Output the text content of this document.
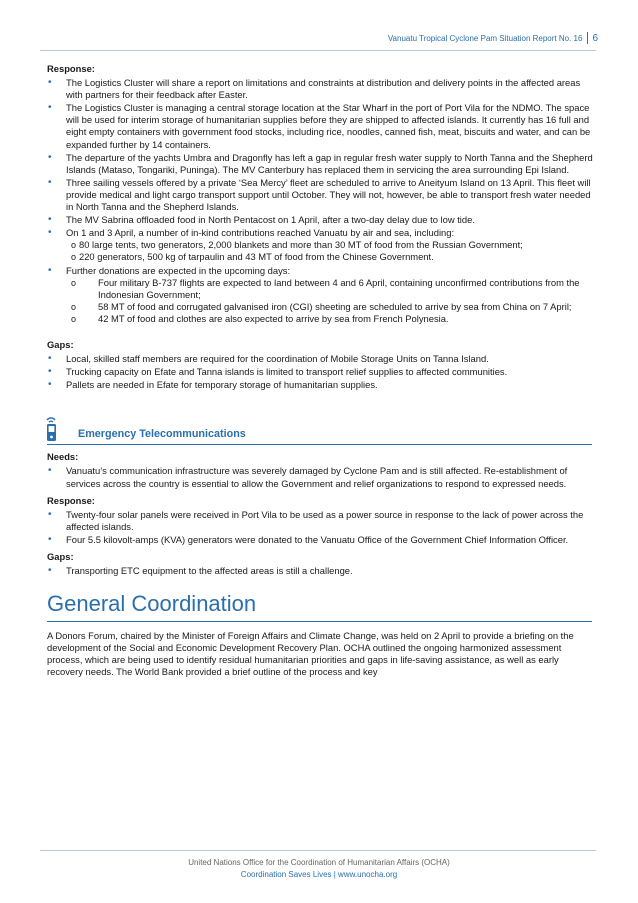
Vanuatu Tropical Cyclone Pam Situation Report No. 16 6

Response:

• The Logistics Cluster will share a report on limitations and constraints at distribution and delivery points in the affected areas with partners for their feedback after Easter.
• The Logistics Cluster is managing a central storage location at the Star Wharf in the port of Port Vila for the NDMO. The space will be used for interim storage of humanitarian supplies before they are shipped to affected islands. It currently has 16 full and eight empty containers with government food stocks, including rice, noodles, canned fish, meat, biscuits and water, and can be expanded further by 14 containers.
• The departure of the yachts Umbra and Dragonfly has left a gap in regular fresh water supply to North Tanna and the Shepherd Islands (Mataso, Tongariki, Puninga). The MV Canterbury has replaced them in servicing the area surrounding Epi Island.
• Three sailing vessels offered by a private ‘Sea Mercy’ fleet are scheduled to arrive to Aneityum Island on 13 April. This fleet will provide medical and light cargo transport support until October. They will not, however, be able to transport fresh water needed in North Tanna and the Shepherd Islands.
• The MV Sabrina offloaded food in North Pentacost on 1 April, after a two-day delay due to low tide.
• On 1 and 3 April, a number of in-kind contributions reached Vanuatu by air and sea, including:
o 80 large tents, two generators, 2,000 blankets and more than 30 MT of food from the Russian Government;
o 220 generators, 500 kg of tarpaulin and 43 MT of food from the Chinese Government.
• Further donations are expected in the upcoming days:
o Four military B-737 flights are expected to land between 4 and 6 April, containing unconfirmed contributions from the Indonesian Government;
o 58 MT of food and corrugated galvanised iron (CGI) sheeting are scheduled to arrive by sea from China on 7 April;
o 42 MT of food and clothes are also expected to arrive by sea from French Polynesia.

Gaps:

• Local, skilled staff members are required for the coordination of Mobile Storage Units on Tanna Island.
• Trucking capacity on Efate and Tanna islands is limited to transport relief supplies to affected communities.
• Pallets are needed in Efate for temporary storage of humanitarian supplies.
Emergency Telecommunications

Needs:

• Vanuatu’s communication infrastructure was severely damaged by Cyclone Pam and is still affected. Re-establishment of services across the country is essential to allow the Government and relief organizations to respond to expressed needs.

Response:

• Twenty-four solar panels were received in Port Vila to be used as a power source in response to the lack of power across the affected islands.
• Four 5.5 kilovolt-amps (KVA) generators were donated to the Vanuatu Office of the Government Chief Information Officer.

Gaps:

• Transporting ETC equipment to the affected areas is still a challenge.
General Coordination

A Donors Forum, chaired by the Minister of Foreign Affairs and Climate Change, was held on 2 April to provide a briefing on the development of the Social and Economic Development Recovery Plan. OCHA outlined the ongoing harmonized assessment process, which are being used to identify residual humanitarian priorities and gaps in life-saving assistance, as well as early recovery needs. The World Bank provided a brief outline of the process and key

United Nations Office for the Coordination of Humanitarian Affairs (OCHA)
Coordination Saves Lives | www.unocha.org
